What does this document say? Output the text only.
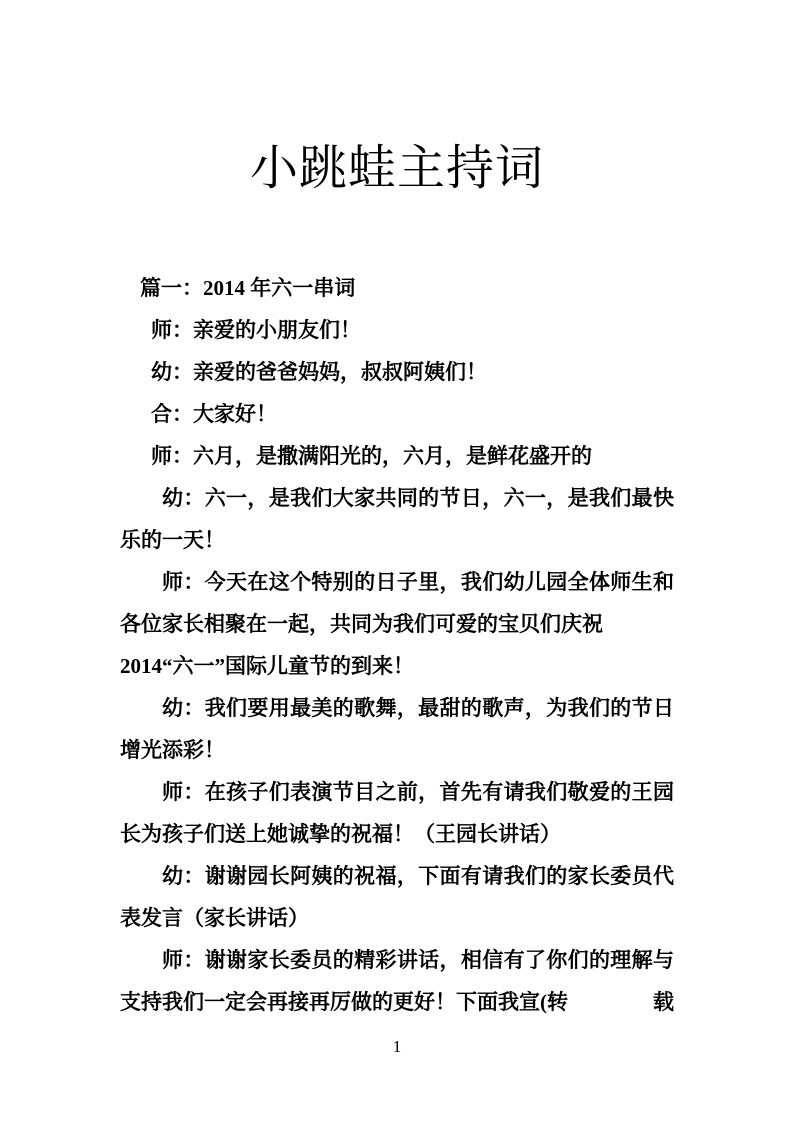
小跳蛙主持词
篇一：2014 年六一串词
师：亲爱的小朋友们！
幼：亲爱的爸爸妈妈，叔叔阿姨们！
合：大家好！
师：六月，是撒满阳光的，六月，是鲜花盛开的
幼：六一，是我们大家共同的节日，六一，是我们最快
乐的一天！
师：今天在这个特别的日子里，我们幼儿园全体师生和
各位家长相聚在一起，共同为我们可爱的宝贝们庆祝
2014“六一”国际儿童节的到来！
幼：我们要用最美的歌舞，最甜的歌声，为我们的节日
增光添彩！
师：在孩子们表演节目之前，首先有请我们敬爱的王园
长为孩子们送上她诚挚的祝福！（王园长讲话）
幼：谢谢园长阿姨的祝福，下面有请我们的家长委员代
表发言（家长讲话）
师：谢谢家长委员的精彩讲话，相信有了你们的理解与
支持我们一定会再接再厉做的更好！下面我宣(转	载
1
